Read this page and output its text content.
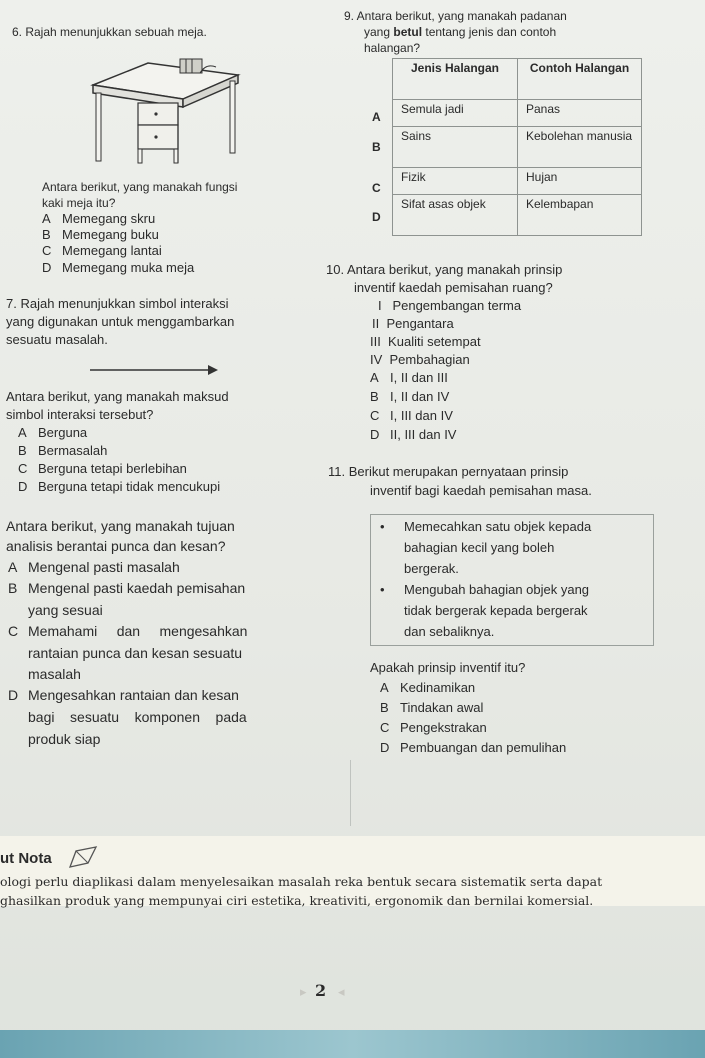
6. Rajah menunjukkan sebuah meja.
Antara berikut, yang manakah fungsi
kaki meja itu?
A Memegang skru
B Memegang buku
C Memegang lantai
D Memegang muka meja
7. Rajah menunjukkan simbol interaksi
yang digunakan untuk menggambarkan
sesuatu masalah.
Antara berikut, yang manakah maksud
simbol interaksi tersebut?
A Berguna
B Bermasalah
C Berguna tetapi berlebihan
D Berguna tetapi tidak mencukupi
Antara berikut, yang manakah tujuan
analisis berantai punca dan kesan?
A Mengenal pasti masalah
B Mengenal pasti kaedah pemisahan
yang sesuai
C Memahami     dan     mengesahkan
rantaian punca dan kesan sesuatu
masalah
D Mengesahkan rantaian dan kesan
bagi    sesuatu    komponen    pada
produk siap
9. Antara berikut, yang manakah padanan
yang betul tentang jenis dan contoh
halangan?
A
B
C
D
Jenis Halangan	Contoh Halangan
Semula jadi	Panas
Sains	Kebolehan manusia
Fizik	Hujan
Sifat asas objek	Kelembapan
10. Antara berikut, yang manakah prinsip
inventif kaedah pemisahan ruang?
I   Pengembangan terma
II  Pengantara
III  Kualiti setempat
IV  Pembahagian
A I, II dan III
B I, II dan IV
C I, III dan IV
D II, III dan IV
11. Berikut merupakan pernyataan prinsip
inventif bagi kaedah pemisahan masa.
• Memecahkan satu objek kepada
bahagian kecil yang boleh
bergerak.
• Mengubah bahagian objek yang
tidak bergerak kepada bergerak
dan sebaliknya.
Apakah prinsip inventif itu?
A Kedinamikan
B Tindakan awal
C Pengekstrakan
D Pembuangan dan pemulihan
ut Nota
ologi perlu diaplikasi dalam menyelesaikan masalah reka bentuk secara sistematik serta dapat
ghasilkan produk yang mempunyai ciri estetika, kreativiti, ergonomik dan bernilai komersial.
▸ 2 ◂
